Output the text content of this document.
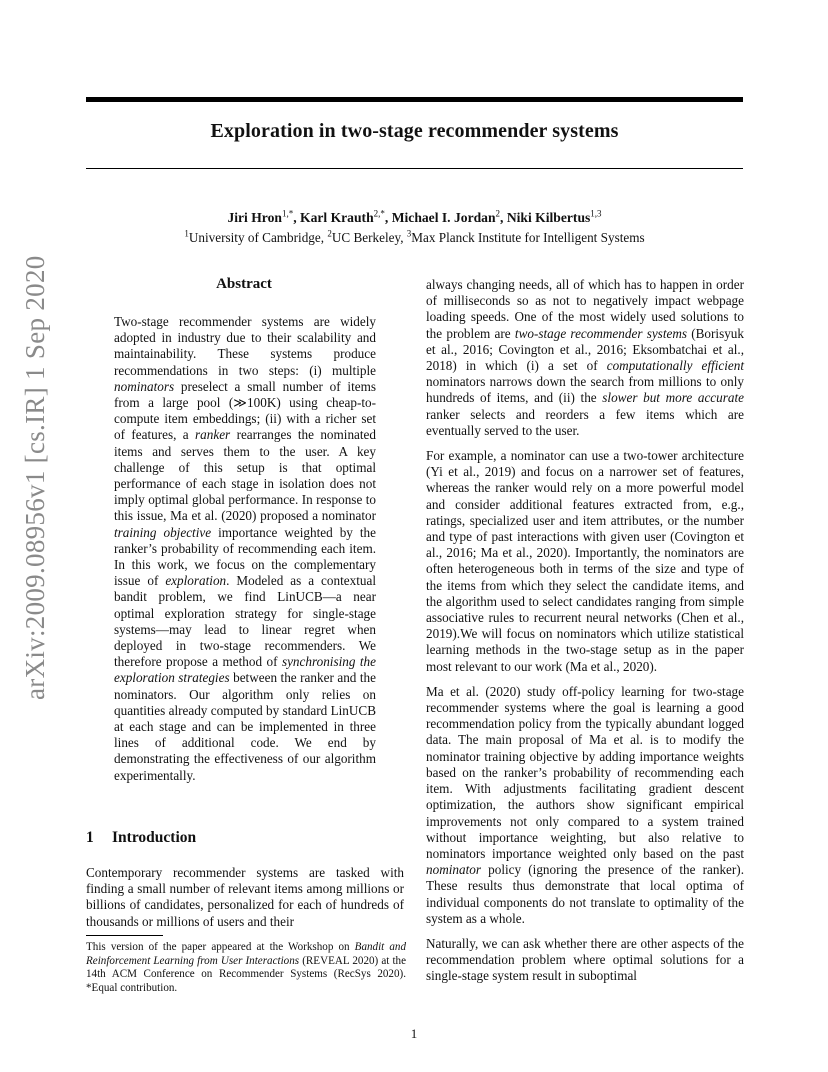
Exploration in two-stage recommender systems
Jiri Hron$^{1,*}$, Karl Krauth$^{2,*}$, Michael I. Jordan$^2$, Niki Kilbertus$^{1,3}$
$^1$University of Cambridge, $^2$UC Berkeley, $^3$Max Planck Institute for Intelligent Systems
arXiv:2009.08956v1 [cs.IR] 1 Sep 2020	Abstract
Two-stage recommender systems are widely adopted in industry due to their scalability and maintainability. These systems produce recommendations in two steps: (i) multiple nominators preselect a small number of items from a large pool (≫100K) using cheap-to-compute item embeddings; (ii) with a richer set of features, a ranker rearranges the nominated items and serves them to the user. A key challenge of this setup is that optimal performance of each stage in isolation does not imply optimal global performance. In response to this issue, Ma et al. (2020) proposed a nominator training objective importance weighted by the ranker’s probability of recommending each item. In this work, we focus on the complementary issue of exploration. Modeled as a contextual bandit problem, we find LinUCB—a near optimal exploration strategy for single-stage systems—may lead to linear regret when deployed in two-stage recommenders. We therefore propose a method of synchronising the exploration strategies between the ranker and the nominators. Our algorithm only relies on quantities already computed by standard LinUCB at each stage and can be implemented in three lines of additional code. We end by demonstrating the effectiveness of our algorithm experimentally.
1 Introduction
Contemporary recommender systems are tasked with finding a small number of relevant items among millions or billions of candidates, personalized for each of hundreds of thousands or millions of users and their
This version of the paper appeared at the Workshop on Bandit and Reinforcement Learning from User Interactions (REVEAL 2020) at the 14th ACM Conference on Recommender Systems (RecSys 2020). *Equal contribution.

always changing needs, all of which has to happen in order of milliseconds so as not to negatively impact webpage loading speeds. One of the most widely used solutions to the problem are two-stage recommender systems (Borisyuk et al., 2016; Covington et al., 2016; Eksombatchai et al., 2018) in which (i) a set of computationally efficient nominators narrows down the search from millions to only hundreds of items, and (ii) the slower but more accurate ranker selects and reorders a few items which are eventually served to the user.

For example, a nominator can use a two-tower architecture (Yi et al., 2019) and focus on a narrower set of features, whereas the ranker would rely on a more powerful model and consider additional features extracted from, e.g., ratings, specialized user and item attributes, or the number and type of past interactions with given user (Covington et al., 2016; Ma et al., 2020). Importantly, the nominators are often heterogeneous both in terms of the size and type of the items from which they select the candidate items, and the algorithm used to select candidates ranging from simple associative rules to recurrent neural networks (Chen et al., 2019).We will focus on nominators which utilize statistical learning methods in the two-stage setup as in the paper most relevant to our work (Ma et al., 2020).

Ma et al. (2020) study off-policy learning for two-stage recommender systems where the goal is learning a good recommendation policy from the typically abundant logged data. The main proposal of Ma et al. is to modify the nominator training objective by adding importance weights based on the ranker’s probability of recommending each item. With adjustments facilitating gradient descent optimization, the authors show significant empirical improvements not only compared to a system trained without importance weighting, but also relative to nominators importance weighted only based on the past nominator policy (ignoring the presence of the ranker). These results thus demonstrate that local optima of individual components do not translate to optimality of the system as a whole.

Naturally, we can ask whether there are other aspects of the recommendation problem where optimal solutions for a single-stage system result in suboptimal

1
